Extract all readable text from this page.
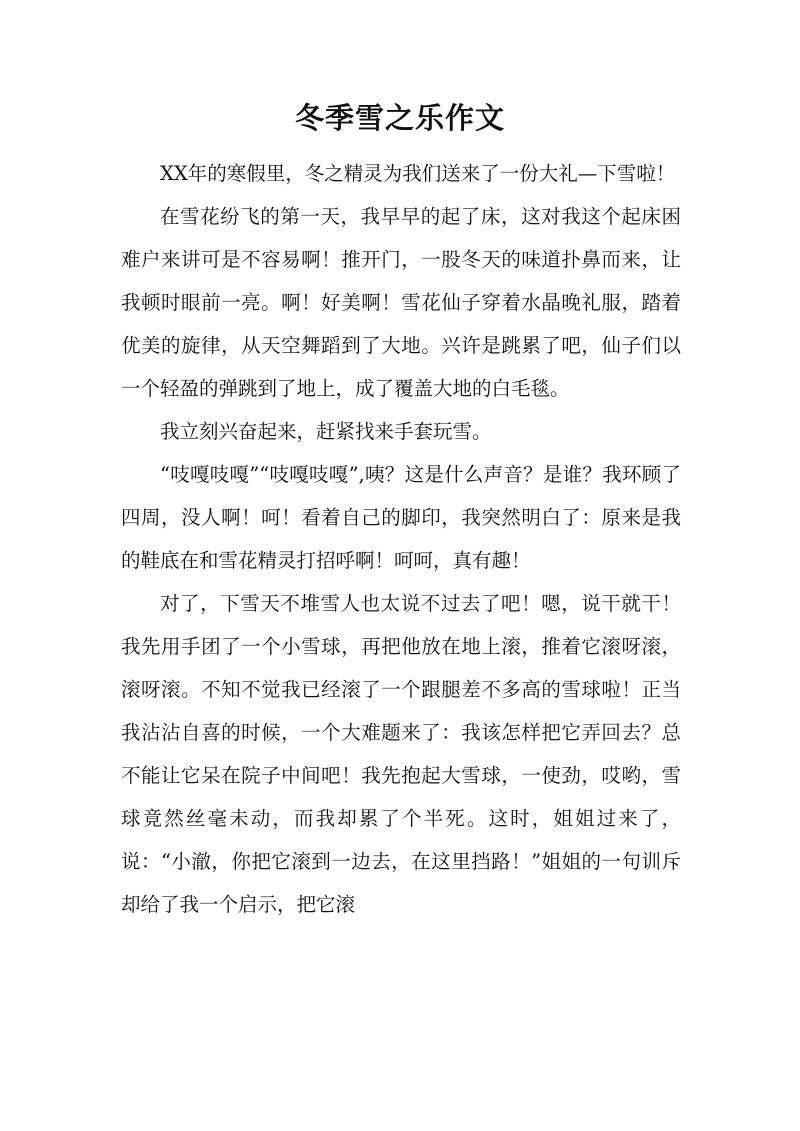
冬季雪之乐作文

XX年的寒假里，冬之精灵为我们送来了一份大礼—下雪啦！

在雪花纷飞的第一天，我早早的起了床，这对我这个起床困难户来讲可是不容易啊！推开门，一股冬天的味道扑鼻而来，让我顿时眼前一亮。啊！好美啊！雪花仙子穿着水晶晚礼服，踏着优美的旋律，从天空舞蹈到了大地。兴许是跳累了吧，仙子们以一个轻盈的弹跳到了地上，成了覆盖大地的白毛毯。

我立刻兴奋起来，赶紧找来手套玩雪。

“吱嘎吱嘎”“吱嘎吱嘎”,咦？这是什么声音？是谁？我环顾了四周，没人啊！呵！看着自己的脚印，我突然明白了：原来是我的鞋底在和雪花精灵打招呼啊！呵呵，真有趣！

对了，下雪天不堆雪人也太说不过去了吧！嗯，说干就干！我先用手团了一个小雪球，再把他放在地上滚，推着它滚呀滚，滚呀滚。不知不觉我已经滚了一个跟腿差不多高的雪球啦！正当我沾沾自喜的时候，一个大难题来了：我该怎样把它弄回去？总不能让它呆在院子中间吧！我先抱起大雪球，一使劲，哎哟，雪球竟然丝毫未动，而我却累了个半死。这时，姐姐过来了，说：“小澈，你把它滚到一边去，在这里挡路！”姐姐的一句训斥却给了我一个启示，把它滚
